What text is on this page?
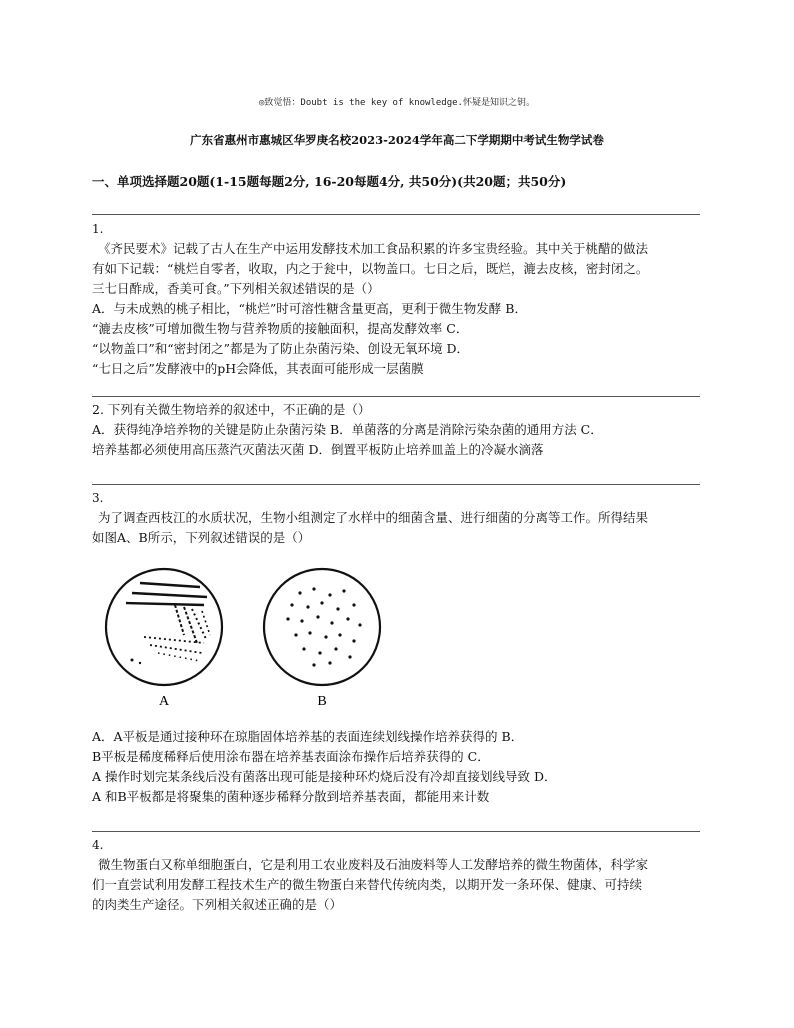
◎致觉悟：Doubt is the key of knowledge.怀疑是知识之钥。
广东省惠州市惠城区华罗庚名校2023-2024学年高二下学期期中考试生物学试卷
一、单项选择题20题(1-15题每题2分, 16-20每题4分, 共50分)(共20题；共50分)
1.
《齐民要术》记载了古人在生产中运用发酵技术加工食品积累的许多宝贵经验。其中关于桃醋的做法
有如下记载：“桃烂自零者，收取，内之于瓮中，以物盖口。七日之后，既烂，漉去皮核，密封闭之。
三七日酢成，香美可食。”下列相关叙述错误的是（）
A．与未成熟的桃子相比，“桃烂”时可溶性糖含量更高，更利于微生物发酵 B．
“漉去皮核”可增加微生物与营养物质的接触面积，提高发酵效率 C．
“以物盖口”和“密封闭之”都是为了防止杂菌污染、创设无氧环境 D．
“七日之后”发酵液中的pH会降低，其表面可能形成一层菌膜
2. 下列有关微生物培养的叙述中，不正确的是（）
A．获得纯净培养物的关键是防止杂菌污染 B．单菌落的分离是消除污染杂菌的通用方法 C．
培养基都必须使用高压蒸汽灭菌法灭菌 D．倒置平板防止培养皿盖上的冷凝水滴落
3.
为了调查西枝江的水质状况，生物小组测定了水样中的细菌含量、进行细菌的分离等工作。所得结果
如图A、B所示，下列叙述错误的是（）
A	B
A．A平板是通过接种环在琼脂固体培养基的表面连续划线操作培养获得的 B．
B平板是稀度稀释后使用涂布器在培养基表面涂布操作后培养获得的 C．
A 操作时划完某条线后没有菌落出现可能是接种环灼烧后没有冷却直接划线导致 D．
A 和B平板都是将聚集的菌种逐步稀释分散到培养基表面，都能用来计数
4.
微生物蛋白又称单细胞蛋白，它是利用工农业废料及石油废料等人工发酵培养的微生物菌体，科学家
们一直尝试利用发酵工程技术生产的微生物蛋白来替代传统肉类，以期开发一条环保、健康、可持续
的肉类生产途径。下列相关叙述正确的是（）
